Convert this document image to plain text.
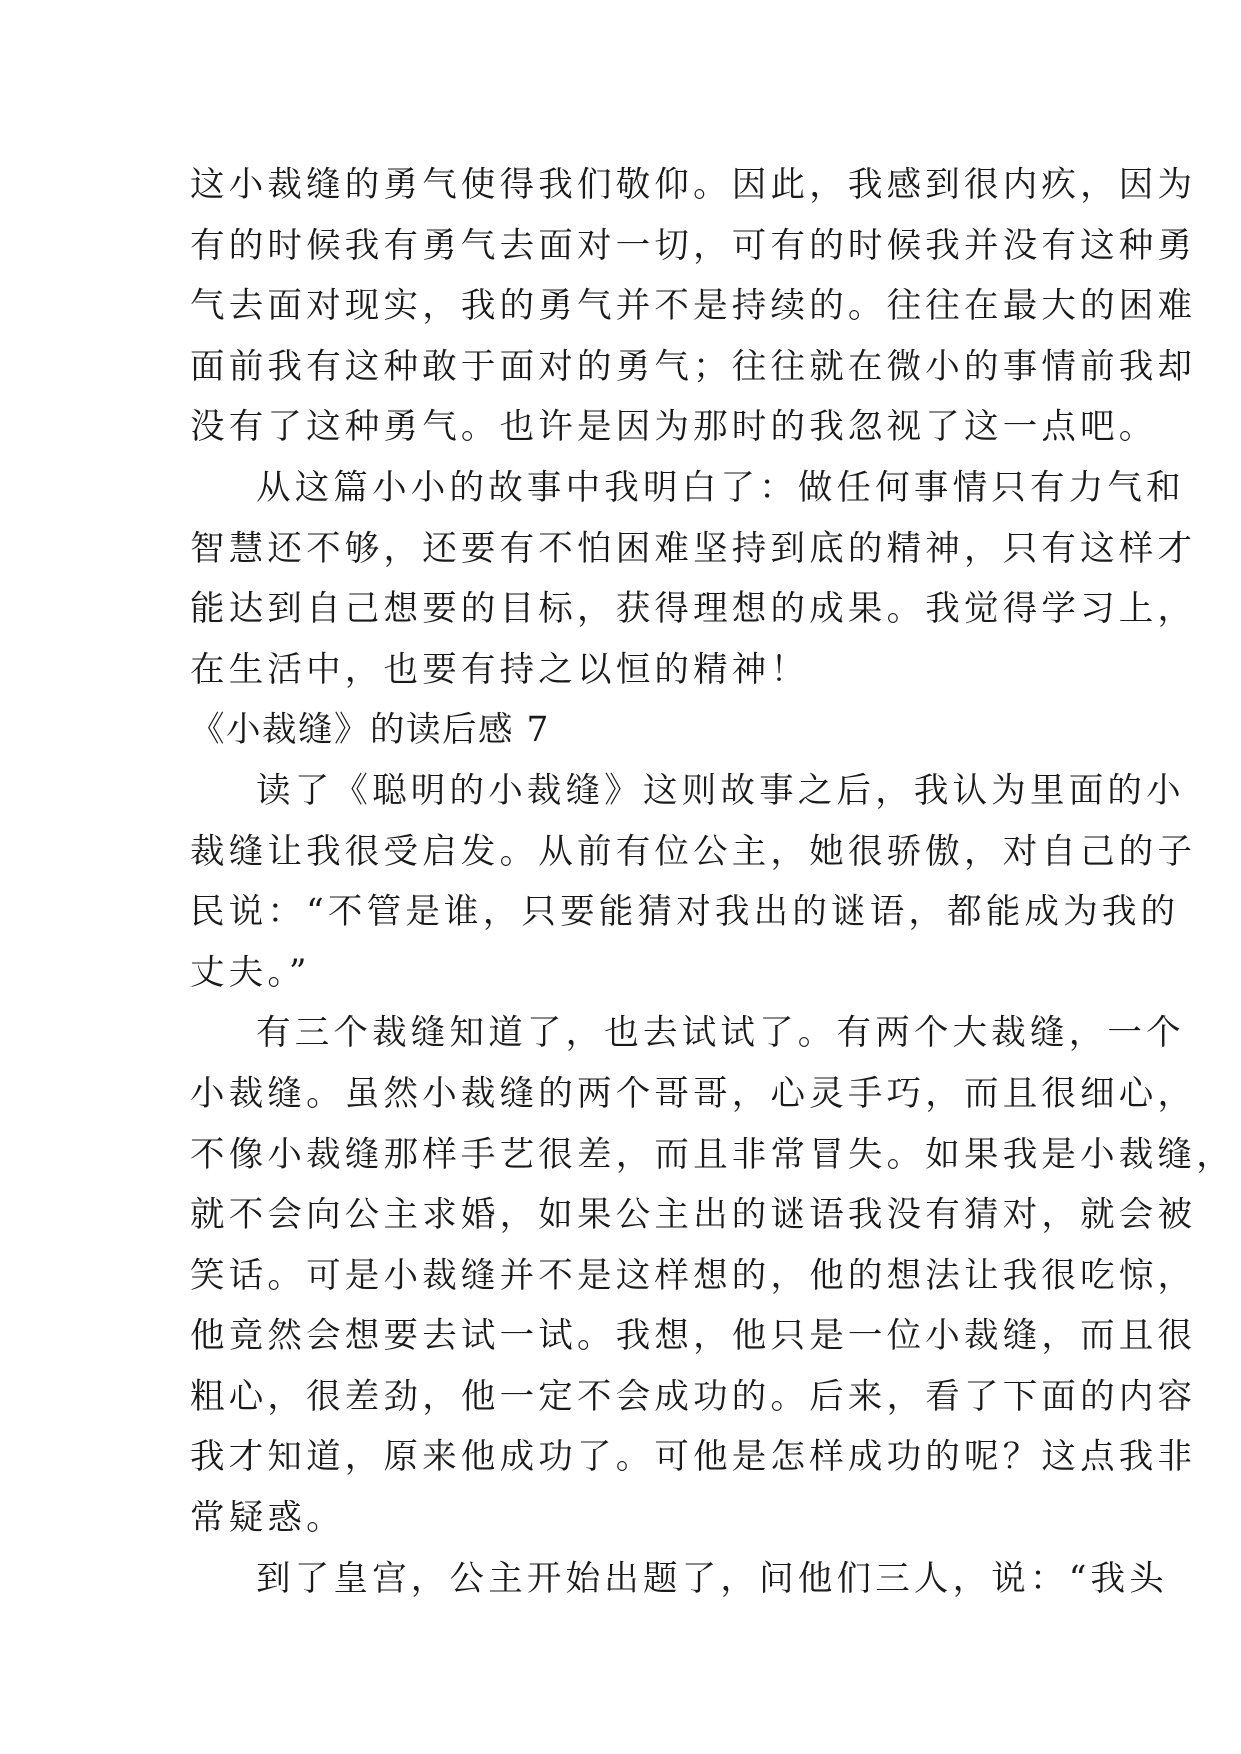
这小裁缝的勇气使得我们敬仰。因此，我感到很内疚，因为
有的时候我有勇气去面对一切，可有的时候我并没有这种勇
气去面对现实，我的勇气并不是持续的。往往在最大的困难
面前我有这种敢于面对的勇气；往往就在微小的事情前我却
没有了这种勇气。也许是因为那时的我忽视了这一点吧。
从这篇小小的故事中我明白了：做任何事情只有力气和
智慧还不够，还要有不怕困难坚持到底的精神，只有这样才
能达到自己想要的目标，获得理想的成果。我觉得学习上，
在生活中，也要有持之以恒的精神！
《小裁缝》的读后感 7
读了《聪明的小裁缝》这则故事之后，我认为里面的小
裁缝让我很受启发。从前有位公主，她很骄傲，对自己的子
民说：“不管是谁，只要能猜对我出的谜语，都能成为我的
丈夫。”
有三个裁缝知道了，也去试试了。有两个大裁缝，一个
小裁缝。虽然小裁缝的两个哥哥，心灵手巧，而且很细心，
不像小裁缝那样手艺很差，而且非常冒失。如果我是小裁缝，
就不会向公主求婚，如果公主出的谜语我没有猜对，就会被
笑话。可是小裁缝并不是这样想的，他的想法让我很吃惊，
他竟然会想要去试一试。我想，他只是一位小裁缝，而且很
粗心，很差劲，他一定不会成功的。后来，看了下面的内容
我才知道，原来他成功了。可他是怎样成功的呢？这点我非
常疑惑。
到了皇宫，公主开始出题了，问他们三人，说：“我头
